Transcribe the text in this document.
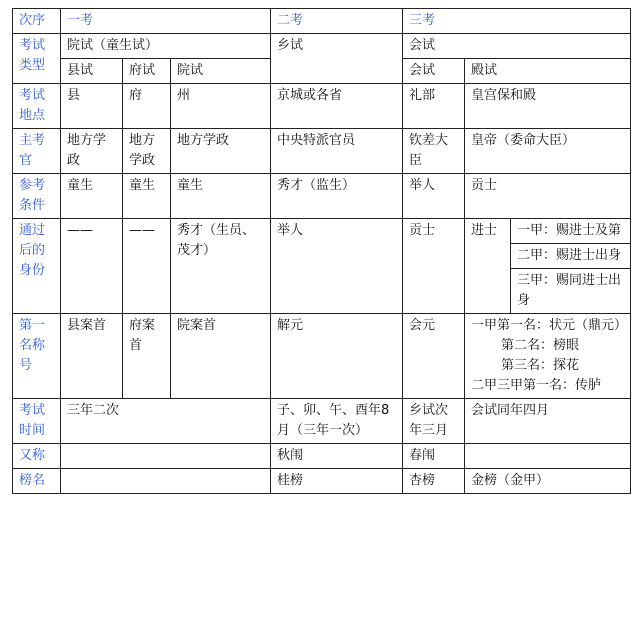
次序	一考			二考	三考		
考试类型	院试（童生试）			乡试	会试		
	县试	府试	院试		会试	殿试	
考试地点	县	府	州	京城或各省	礼部	皇宫保和殿	
主考官	地方学政	地方学政	地方学政	中央特派官员	钦差大臣	皇帝（委命大臣）	
参考条件	童生	童生	童生	秀才（监生）	举人	贡士	
通过后的身份	——	——	秀才（生员、茂才）	举人	贡士	进士	一甲：赐进士及第
							二甲：赐进士出身
							三甲：赐同进士出身
第一名称号	县案首	府案首	院案首	解元	会元	一甲第一名：状元（鼎元）
第二名：榜眼
第三名：探花
二甲三甲第一名：传胪	

考试时间	三年二次			子、卯、午、酉年8月（三年一次）	乡试次年三月	会试同年四月	
又称				秋闱	春闱		
榜名				桂榜	杏榜	金榜（金甲）	
